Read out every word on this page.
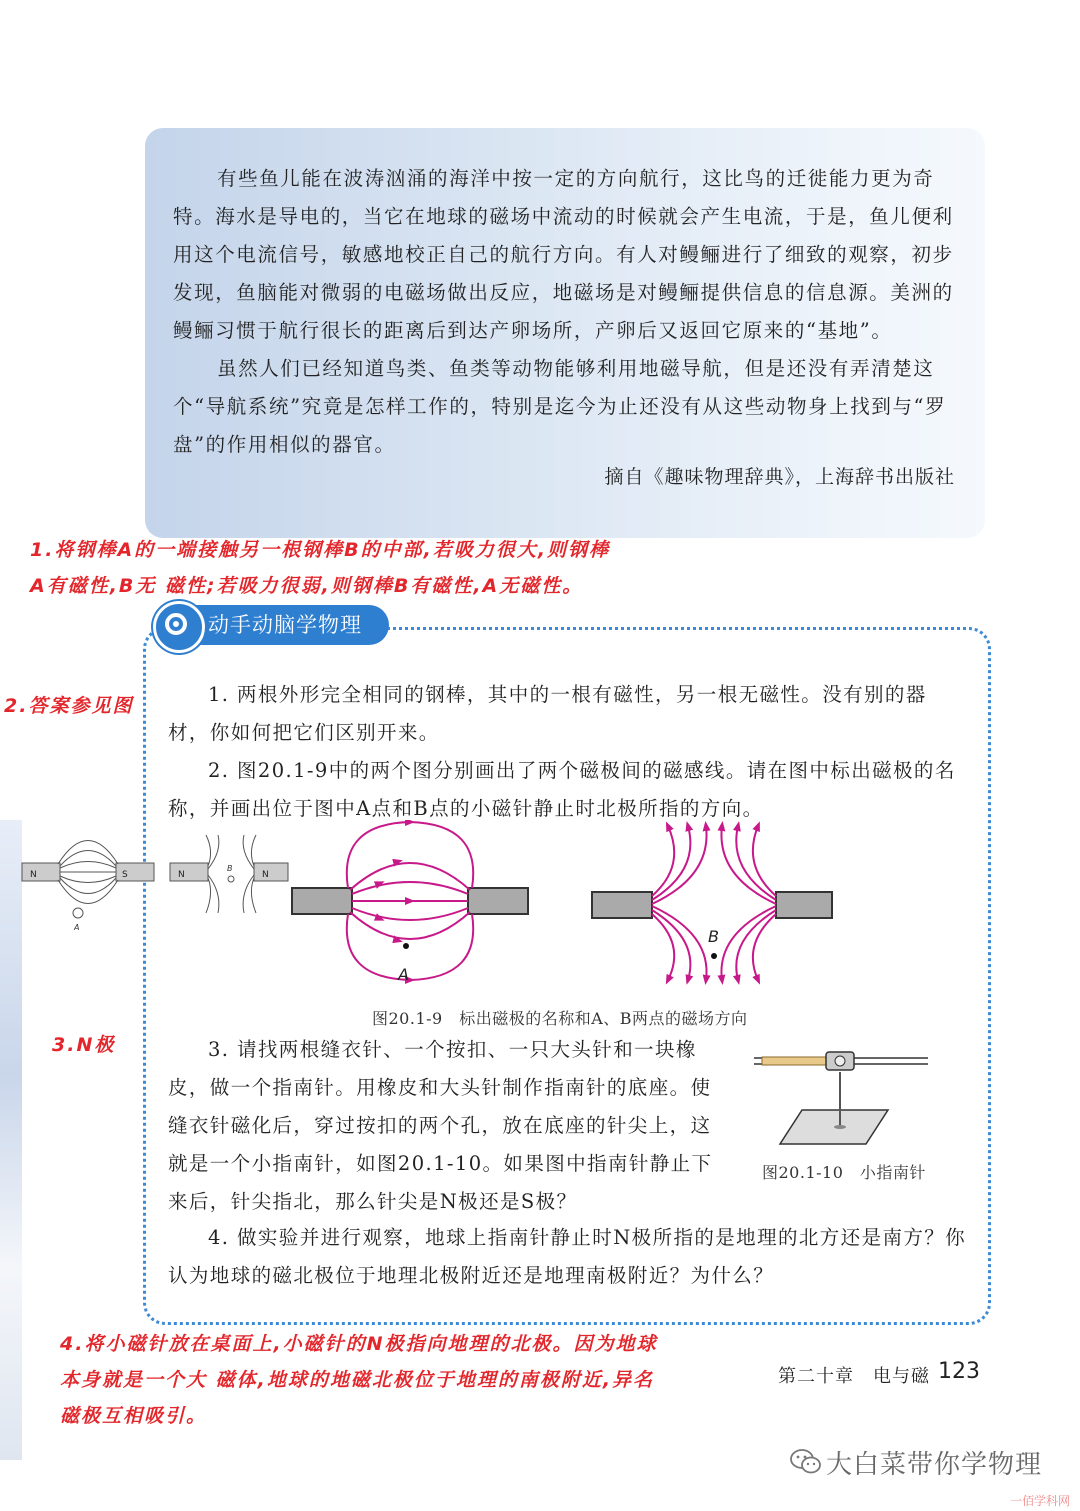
有些鱼儿能在波涛汹涌的海洋中按一定的方向航行，这比鸟的迁徙能力更为奇特。海水是导电的，当它在地球的磁场中流动的时候就会产生电流，于是，鱼儿便利用这个电流信号，敏感地校正自己的航行方向。有人对鳗鲡进行了细致的观察，初步发现，鱼脑能对微弱的电磁场做出反应，地磁场是对鳗鲡提供信息的信息源。美洲的鳗鲡习惯于航行很长的距离后到达产卵场所，产卵后又返回它原来的“基地”。

虽然人们已经知道鸟类、鱼类等动物能够利用地磁导航，但是还没有弄清楚这个“导航系统”究竟是怎样工作的，特别是迄今为止还没有从这些动物身上找到与“罗盘”的作用相似的器官。

摘自《趣味物理辞典》，上海辞书出版社
1.将钢棒A的一端接触另一根钢棒B的中部,若吸力很大,则钢棒
A有磁性,B无 磁性;若吸力很弱,则钢棒B有磁性,A无磁性。
2.答案参见图
3.N极
4.将小磁针放在桌面上,小磁针的N极指向地理的北极。因为地球
本身就是一个大 磁体,地球的地磁北极位于地理的南极附近,异名
磁极互相吸引。
动手动脑学物理

1. 两根外形完全相同的钢棒，其中的一根有磁性，另一根无磁性。没有别的器材，你如何把它们区别开来。

2. 图20.1-9中的两个图分别画出了两个磁极间的磁感线。请在图中标出磁极的名称，并画出位于图中A点和B点的小磁针静止时北极所指的方向。

N	S
A
N	N
B
A
B
图20.1-9　标出磁极的名称和A、B两点的磁场方向

3. 请找两根缝衣针、一个按扣、一只大头针和一块橡皮，做一个指南针。用橡皮和大头针制作指南针的底座。使缝衣针磁化后，穿过按扣的两个孔，放在底座的针尖上，这就是一个小指南针，如图20.1-10。如果图中指南针静止下来后，针尖指北，那么针尖是N极还是S极？

图20.1-10　小指南针

4. 做实验并进行观察，地球上指南针静止时N极所指的是地理的北方还是南方？你认为地球的磁北极位于地理北极附近还是地理南极附近？为什么？

第二十章　电与磁 123
大白菜带你学物理
一佰学科网
